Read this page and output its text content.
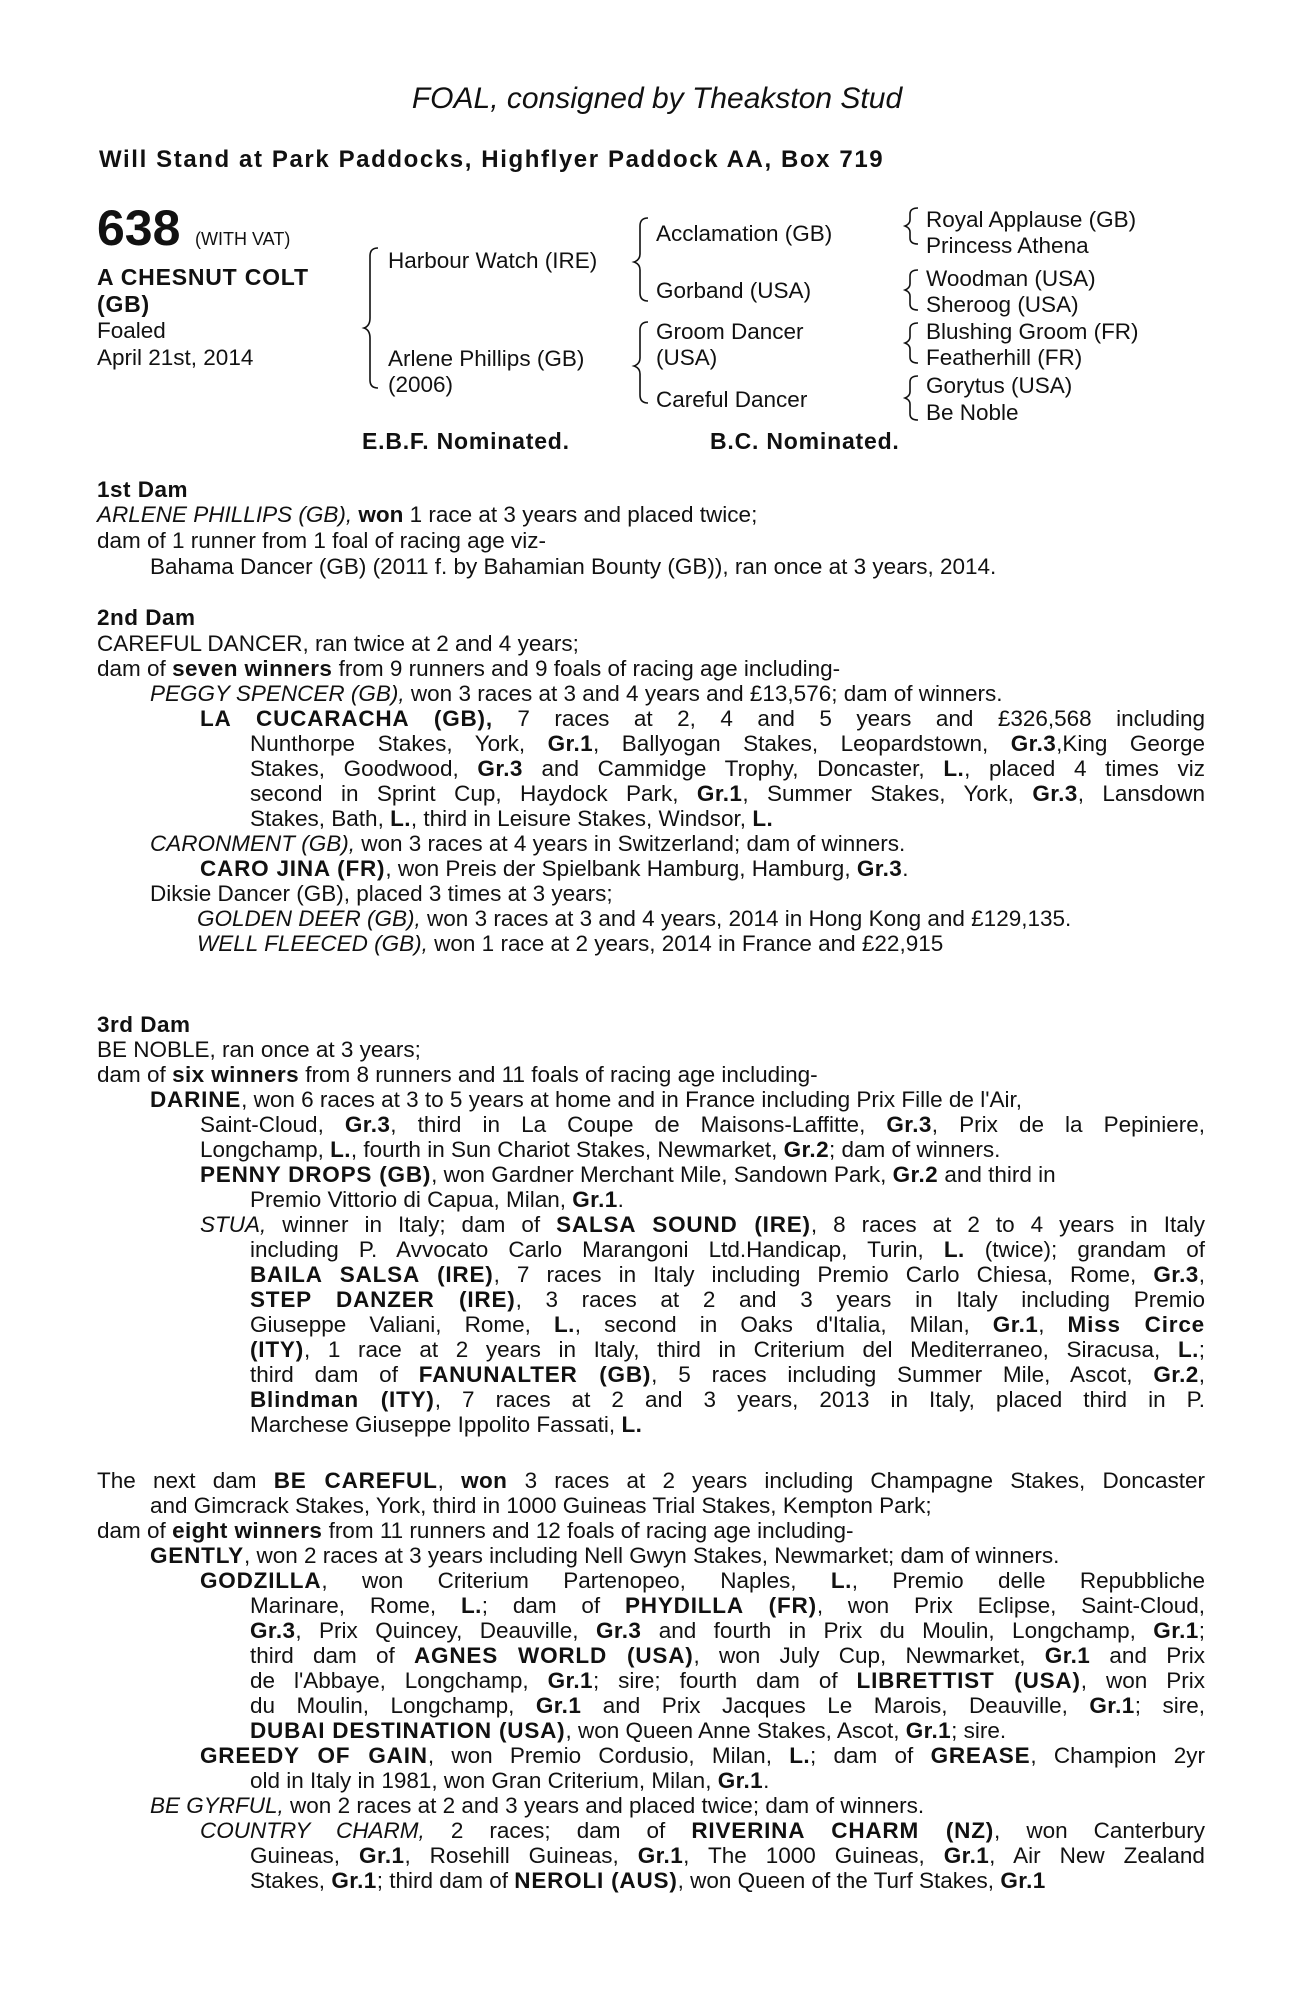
FOAL, consigned by Theakston Stud
Will Stand at Park Paddocks, Highflyer Paddock AA, Box 719
638 (WITH VAT)
A CHESNUT COLT
(GB)
Foaled
April 21st, 2014
Harbour Watch (IRE)
Arlene Phillips (GB)
(2006)
Acclamation (GB)
Gorband (USA)
Groom Dancer
(USA)
Careful Dancer
Royal Applause (GB)
Princess Athena
Woodman (USA)
Sheroog (USA)
Blushing Groom (FR)
Featherhill (FR)
Gorytus (USA)
Be Noble
E.B.F. Nominated.	B.C. Nominated.
1st Dam
ARLENE PHILLIPS (GB), won 1 race at 3 years and placed twice;
dam of 1 runner from 1 foal of racing age viz-
Bahama Dancer (GB) (2011 f. by Bahamian Bounty (GB)), ran once at 3 years, 2014.
2nd Dam
CAREFUL DANCER, ran twice at 2 and 4 years;
dam of seven winners from 9 runners and 9 foals of racing age including-
PEGGY SPENCER (GB), won 3 races at 3 and 4 years and £13,576; dam of winners.
LA CUCARACHA (GB), 7 races at 2, 4 and 5 years and £326,568 including
Nunthorpe Stakes, York, Gr.1, Ballyogan Stakes, Leopardstown, Gr.3,King George
Stakes, Goodwood, Gr.3 and Cammidge Trophy, Doncaster, L., placed 4 times viz
second in Sprint Cup, Haydock Park, Gr.1, Summer Stakes, York, Gr.3, Lansdown
Stakes, Bath, L., third in Leisure Stakes, Windsor, L.
CARONMENT (GB), won 3 races at 4 years in Switzerland; dam of winners.
CARO JINA (FR), won Preis der Spielbank Hamburg, Hamburg, Gr.3.
Diksie Dancer (GB), placed 3 times at 3 years;
GOLDEN DEER (GB), won 3 races at 3 and 4 years, 2014 in Hong Kong and £129,135.
WELL FLEECED (GB), won 1 race at 2 years, 2014 in France and £22,915
3rd Dam
BE NOBLE, ran once at 3 years;
dam of six winners from 8 runners and 11 foals of racing age including-
DARINE, won 6 races at 3 to 5 years at home and in France including Prix Fille de l'Air,
Saint-Cloud, Gr.3, third in La Coupe de Maisons-Laffitte, Gr.3, Prix de la Pepiniere,
Longchamp, L., fourth in Sun Chariot Stakes, Newmarket, Gr.2; dam of winners.
PENNY DROPS (GB), won Gardner Merchant Mile, Sandown Park, Gr.2 and third in
Premio Vittorio di Capua, Milan, Gr.1.
STUA, winner in Italy; dam of SALSA SOUND (IRE), 8 races at 2 to 4 years in Italy
including P. Avvocato Carlo Marangoni Ltd.Handicap, Turin, L. (twice); grandam of
BAILA SALSA (IRE), 7 races in Italy including Premio Carlo Chiesa, Rome, Gr.3,
STEP DANZER (IRE), 3 races at 2 and 3 years in Italy including Premio
Giuseppe Valiani, Rome, L., second in Oaks d'Italia, Milan, Gr.1, Miss Circe
(ITY), 1 race at 2 years in Italy, third in Criterium del Mediterraneo, Siracusa, L.;
third dam of FANUNALTER (GB), 5 races including Summer Mile, Ascot, Gr.2,
Blindman (ITY), 7 races at 2 and 3 years, 2013 in Italy, placed third in P.
Marchese Giuseppe Ippolito Fassati, L.
The next dam BE CAREFUL, won 3 races at 2 years including Champagne Stakes, Doncaster
and Gimcrack Stakes, York, third in 1000 Guineas Trial Stakes, Kempton Park;
dam of eight winners from 11 runners and 12 foals of racing age including-
GENTLY, won 2 races at 3 years including Nell Gwyn Stakes, Newmarket; dam of winners.
GODZILLA, won Criterium Partenopeo, Naples, L., Premio delle Repubbliche
Marinare, Rome, L.; dam of PHYDILLA (FR), won Prix Eclipse, Saint-Cloud,
Gr.3, Prix Quincey, Deauville, Gr.3 and fourth in Prix du Moulin, Longchamp, Gr.1;
third dam of AGNES WORLD (USA), won July Cup, Newmarket, Gr.1 and Prix
de l'Abbaye, Longchamp, Gr.1; sire; fourth dam of LIBRETTIST (USA), won Prix
du Moulin, Longchamp, Gr.1 and Prix Jacques Le Marois, Deauville, Gr.1; sire,
DUBAI DESTINATION (USA), won Queen Anne Stakes, Ascot, Gr.1; sire.
GREEDY OF GAIN, won Premio Cordusio, Milan, L.; dam of GREASE, Champion 2yr
old in Italy in 1981, won Gran Criterium, Milan, Gr.1.
BE GYRFUL, won 2 races at 2 and 3 years and placed twice; dam of winners.
COUNTRY CHARM, 2 races; dam of RIVERINA CHARM (NZ), won Canterbury
Guineas, Gr.1, Rosehill Guineas, Gr.1, The 1000 Guineas, Gr.1, Air New Zealand
Stakes, Gr.1; third dam of NEROLI (AUS), won Queen of the Turf Stakes, Gr.1
